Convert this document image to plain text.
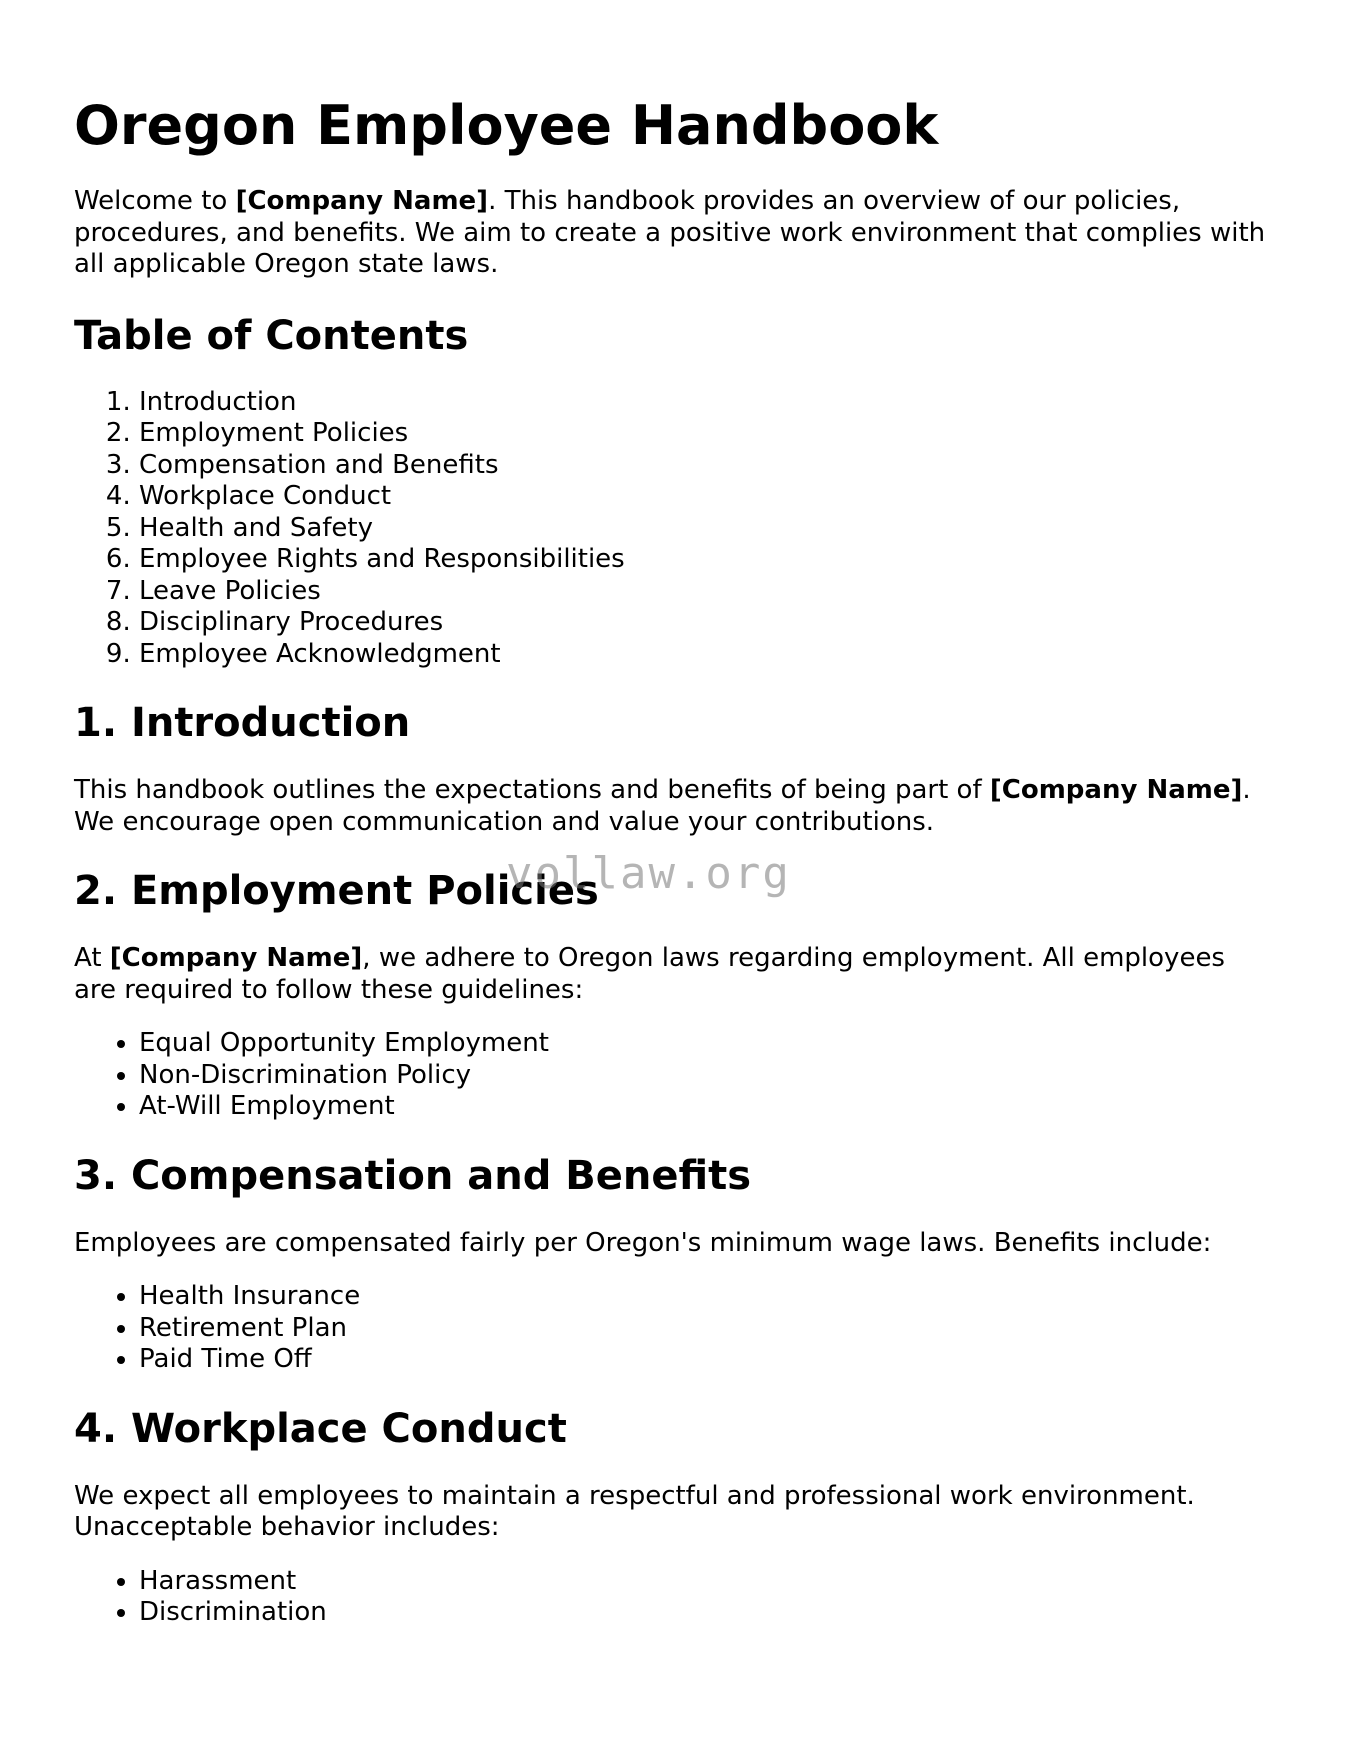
Oregon Employee Handbook

Welcome to [Company Name]. This handbook provides an overview of our policies, procedures, and benefits. We aim to create a positive work environment that complies with all applicable Oregon state laws.

Table of Contents
1. Introduction
2. Employment Policies
3. Compensation and Benefits
4. Workplace Conduct
5. Health and Safety
6. Employee Rights and Responsibilities
7. Leave Policies
8. Disciplinary Procedures
9. Employee Acknowledgment
1. Introduction

This handbook outlines the expectations and benefits of being part of [Company Name]. We encourage open communication and value your contributions.

2. Employment Policies

At [Company Name], we adhere to Oregon laws regarding employment. All employees are required to follow these guidelines:

• Equal Opportunity Employment
• Non-Discrimination Policy
• At-Will Employment
3. Compensation and Benefits

Employees are compensated fairly per Oregon's minimum wage laws. Benefits include:

• Health Insurance
• Retirement Plan
• Paid Time Off
4. Workplace Conduct

We expect all employees to maintain a respectful and professional work environment. Unacceptable behavior includes:

• Harassment
• Discrimination
vollaw.org
